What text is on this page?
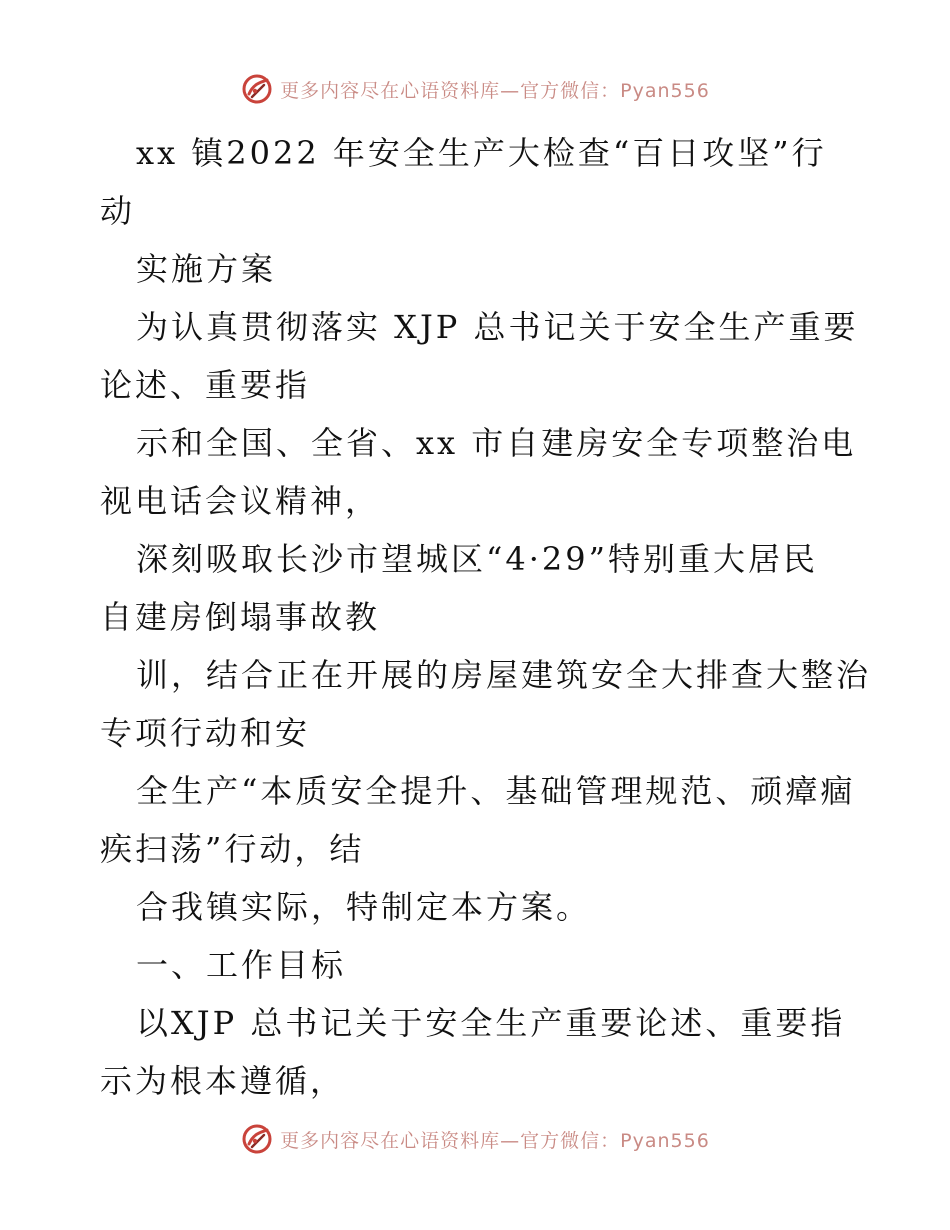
更多内容尽在心语资料库—官方微信：Pyan556

xx 镇2022 年安全生产大检查“百日攻坚”行

动

实施方案

为认真贯彻落实 XJP 总书记关于安全生产重要

论述、重要指

示和全国、全省、xx 市自建房安全专项整治电

视电话会议精神，

深刻吸取长沙市望城区“4·29”特别重大居民

自建房倒塌事故教

训，结合正在开展的房屋建筑安全大排查大整治

专项行动和安

全生产“本质安全提升、基础管理规范、顽瘴痼

疾扫荡”行动，结

合我镇实际，特制定本方案。

一、工作目标

以XJP 总书记关于安全生产重要论述、重要指

示为根本遵循，

更多内容尽在心语资料库—官方微信：Pyan556
